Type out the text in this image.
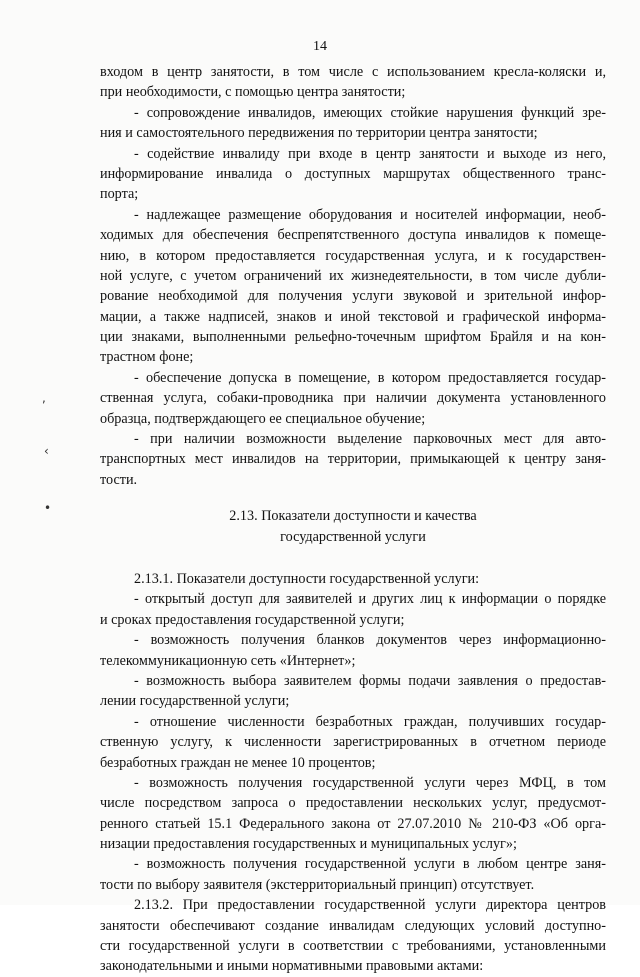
14
,
‹
•
входом в центр занятости, в том числе с использованием кресла-коляски и,
при необходимости, с помощью центра занятости;
- сопровождение инвалидов, имеющих стойкие нарушения функций зре-
ния и самостоятельного передвижения по территории центра занятости;
- содействие инвалиду при входе в центр занятости и выходе из него,
информирование инвалида о доступных маршрутах общественного транс-
порта;
- надлежащее размещение оборудования и носителей информации, необ-
ходимых для обеспечения беспрепятственного доступа инвалидов к помеще-
нию, в котором предоставляется государственная услуга, и к государствен-
ной услуге, с учетом ограничений их жизнедеятельности, в том числе дубли-
рование необходимой для получения услуги звуковой и зрительной инфор-
мации, а также надписей, знаков и иной текстовой и графической информа-
ции знаками, выполненными рельефно-точечным шрифтом Брайля и на кон-
трастном фоне;
- обеспечение допуска в помещение, в котором предоставляется государ-
ственная услуга, собаки-проводника при наличии документа установленного
образца, подтверждающего ее специальное обучение;
- при наличии возможности выделение парковочных мест для авто-
транспортных мест инвалидов на территории, примыкающей к центру заня-
тости.
2.13. Показатели доступности и качества
государственной услуги
2.13.1. Показатели доступности государственной услуги:
- открытый доступ для заявителей и других лиц к информации о порядке
и сроках предоставления государственной услуги;
- возможность получения бланков документов через информационно-
телекоммуникационную сеть «Интернет»;
- возможность выбора заявителем формы подачи заявления о предостав-
лении государственной услуги;
- отношение численности безработных граждан, получивших государ-
ственную услугу, к численности зарегистрированных в отчетном периоде
безработных граждан не менее 10 процентов;
- возможность получения государственной услуги через МФЦ, в том
числе посредством запроса о предоставлении нескольких услуг, предусмот-
ренного статьей 15.1 Федерального закона от 27.07.2010 № 210-ФЗ «Об орга-
низации предоставления государственных и муниципальных услуг»;
- возможность получения государственной услуги в любом центре заня-
тости по выбору заявителя (экстерриториальный принцип) отсутствует.
2.13.2. При предоставлении государственной услуги директора центров
занятости обеспечивают создание инвалидам следующих условий доступно-
сти государственной услуги в соответствии с требованиями, установленными
законодательными и иными нормативными правовыми актами:
